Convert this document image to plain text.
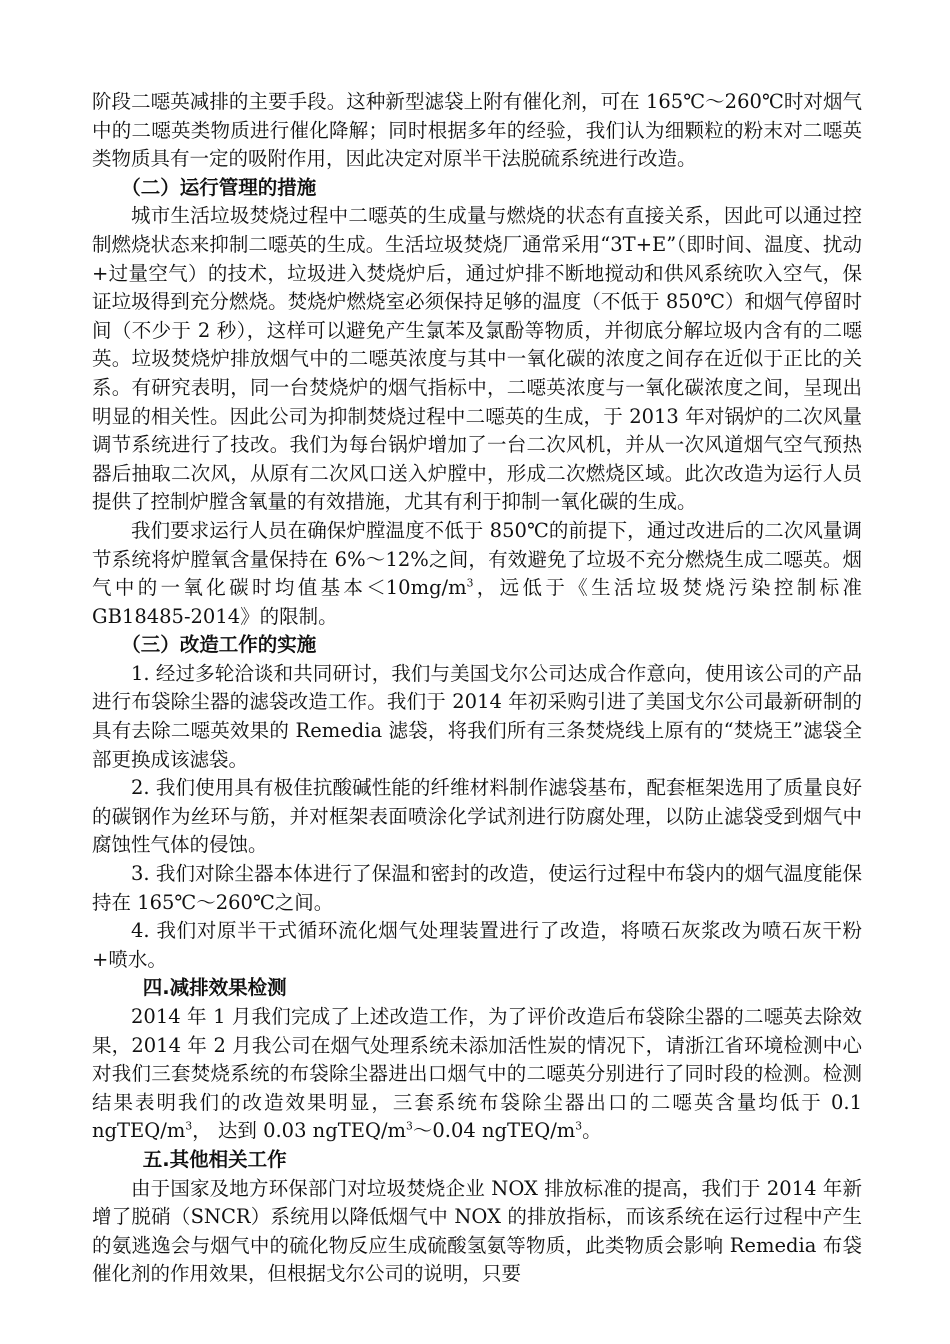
阶段二噁英减排的主要手段。这种新型滤袋上附有催化剂，可在 165℃～260℃时对烟气中的二噁英类物质进行催化降解；同时根据多年的经验，我们认为细颗粒的粉末对二噁英类物质具有一定的吸附作用，因此决定对原半干法脱硫系统进行改造。

（二）运行管理的措施

城市生活垃圾焚烧过程中二噁英的生成量与燃烧的状态有直接关系，因此可以通过控制燃烧状态来抑制二噁英的生成。生活垃圾焚烧厂通常采用“3T+E”（即时间、温度、扰动+过量空气）的技术，垃圾进入焚烧炉后，通过炉排不断地搅动和供风系统吹入空气，保证垃圾得到充分燃烧。焚烧炉燃烧室必须保持足够的温度（不低于 850℃）和烟气停留时间（不少于 2 秒），这样可以避免产生氯苯及氯酚等物质，并彻底分解垃圾内含有的二噁英。垃圾焚烧炉排放烟气中的二噁英浓度与其中一氧化碳的浓度之间存在近似于正比的关系。有研究表明，同一台焚烧炉的烟气指标中，二噁英浓度与一氧化碳浓度之间，呈现出明显的相关性。因此公司为抑制焚烧过程中二噁英的生成，于 2013 年对锅炉的二次风量调节系统进行了技改。我们为每台锅炉增加了一台二次风机，并从一次风道烟气空气预热器后抽取二次风，从原有二次风口送入炉膛中，形成二次燃烧区域。此次改造为运行人员提供了控制炉膛含氧量的有效措施，尤其有利于抑制一氧化碳的生成。

我们要求运行人员在确保炉膛温度不低于 850℃的前提下，通过改进后的二次风量调节系统将炉膛氧含量保持在 6%～12%之间，有效避免了垃圾不充分燃烧生成二噁英。烟气中的一氧化碳时均值基本$<10mg/m^3$，远低于《生活垃圾焚烧污染控制标准 GB18485-2014》的限制。

（三）改造工作的实施

1. 经过多轮洽谈和共同研讨，我们与美国戈尔公司达成合作意向，使用该公司的产品进行布袋除尘器的滤袋改造工作。我们于 2014 年初采购引进了美国戈尔公司最新研制的具有去除二噁英效果的 Remedia 滤袋，将我们所有三条焚烧线上原有的“焚烧王”滤袋全部更换成该滤袋。

2. 我们使用具有极佳抗酸碱性能的纤维材料制作滤袋基布，配套框架选用了质量良好的碳钢作为丝环与筋，并对框架表面喷涂化学试剂进行防腐处理，以防止滤袋受到烟气中腐蚀性气体的侵蚀。

3. 我们对除尘器本体进行了保温和密封的改造，使运行过程中布袋内的烟气温度能保持在 165℃～260℃之间。

4. 我们对原半干式循环流化烟气处理装置进行了改造，将喷石灰浆改为喷石灰干粉+喷水。

四.减排效果检测

2014 年 1 月我们完成了上述改造工作，为了评价改造后布袋除尘器的二噁英去除效果，2014 年 2 月我公司在烟气处理系统未添加活性炭的情况下，请浙江省环境检测中心对我们三套焚烧系统的布袋除尘器进出口烟气中的二噁英分别进行了同时段的检测。检测结果表明我们的改造效果明显，三套系统布袋除尘器出口的二噁英含量均低于 0.1 ngTEQ/$m^3$， 达到 0.03 ngTEQ/$m^3\sim 0.04$ ngTEQ/$m^3$。

五.其他相关工作

由于国家及地方环保部门对垃圾焚烧企业 NOX 排放标准的提高，我们于 2014 年新增了脱硝（SNCR）系统用以降低烟气中 NOX 的排放指标，而该系统在运行过程中产生的氨逃逸会与烟气中的硫化物反应生成硫酸氢氨等物质，此类物质会影响 Remedia 布袋催化剂的作用效果，但根据戈尔公司的说明，只要
